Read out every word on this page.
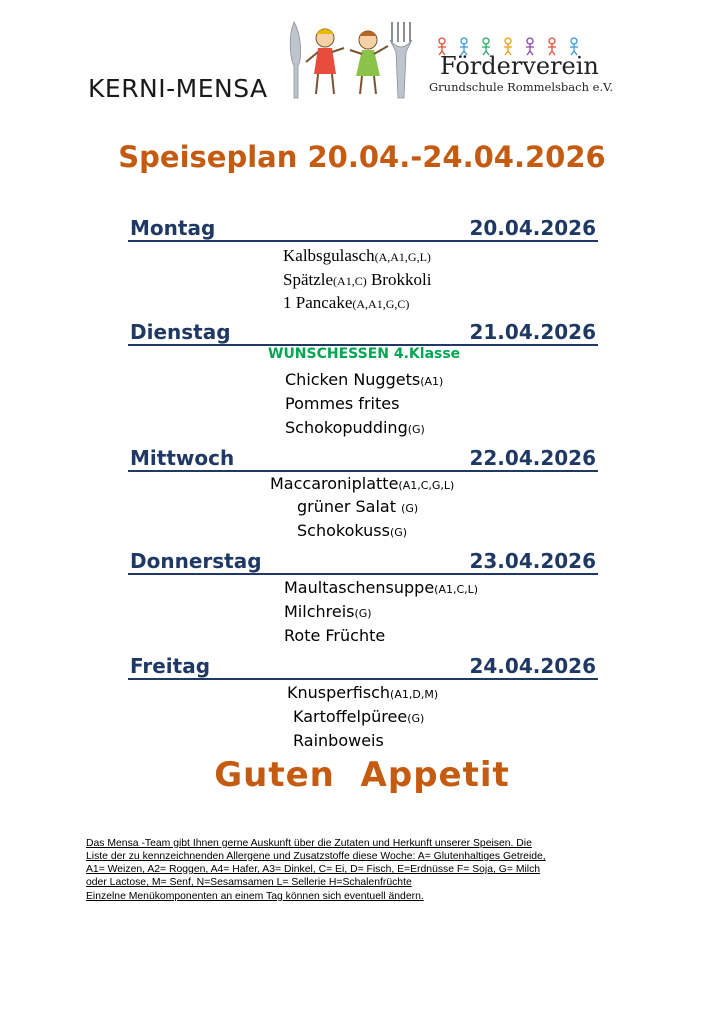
KERNI-MENSA
Förderverein
Grundschule Rommelsbach e.V.
Speiseplan 20.04.-24.04.2026
Montag	20.04.2026
Kalbsgulasch(A,A1,G,L)
Spätzle(A1,C) Brokkoli
1 Pancake(A,A1,G,C)
Dienstag	21.04.2026
WUNSCHESSEN 4.Klasse
Chicken Nuggets(A1)
Pommes frites
Schokopudding(G)
Mittwoch	22.04.2026
Maccaroniplatte(A1,C,G,L)
grüner Salat (G)
Schokokuss(G)
Donnerstag	23.04.2026
Maultaschensuppe(A1,C,L)
Milchreis(G)
Rote Früchte
Freitag	24.04.2026
Knusperfisch(A1,D,M)
Kartoffelpüree(G)
Rainboweis
Guten  Appetit
Das Mensa -Team gibt Ihnen gerne Auskunft über die Zutaten und Herkunft unserer Speisen. Die
Liste der zu kennzeichnenden Allergene und Zusatzstoffe diese Woche: A= Glutenhaltiges Getreide,
A1= Weizen, A2= Roggen, A4= Hafer, A3= Dinkel, C= Ei, D= Fisch, E=Erdnüsse F= Soja, G= Milch
oder Lactose, M= Senf, N=Sesamsamen L= Sellerie H=Schalenfrüchte
Einzelne Menükomponenten an einem Tag können sich eventuell ändern.
